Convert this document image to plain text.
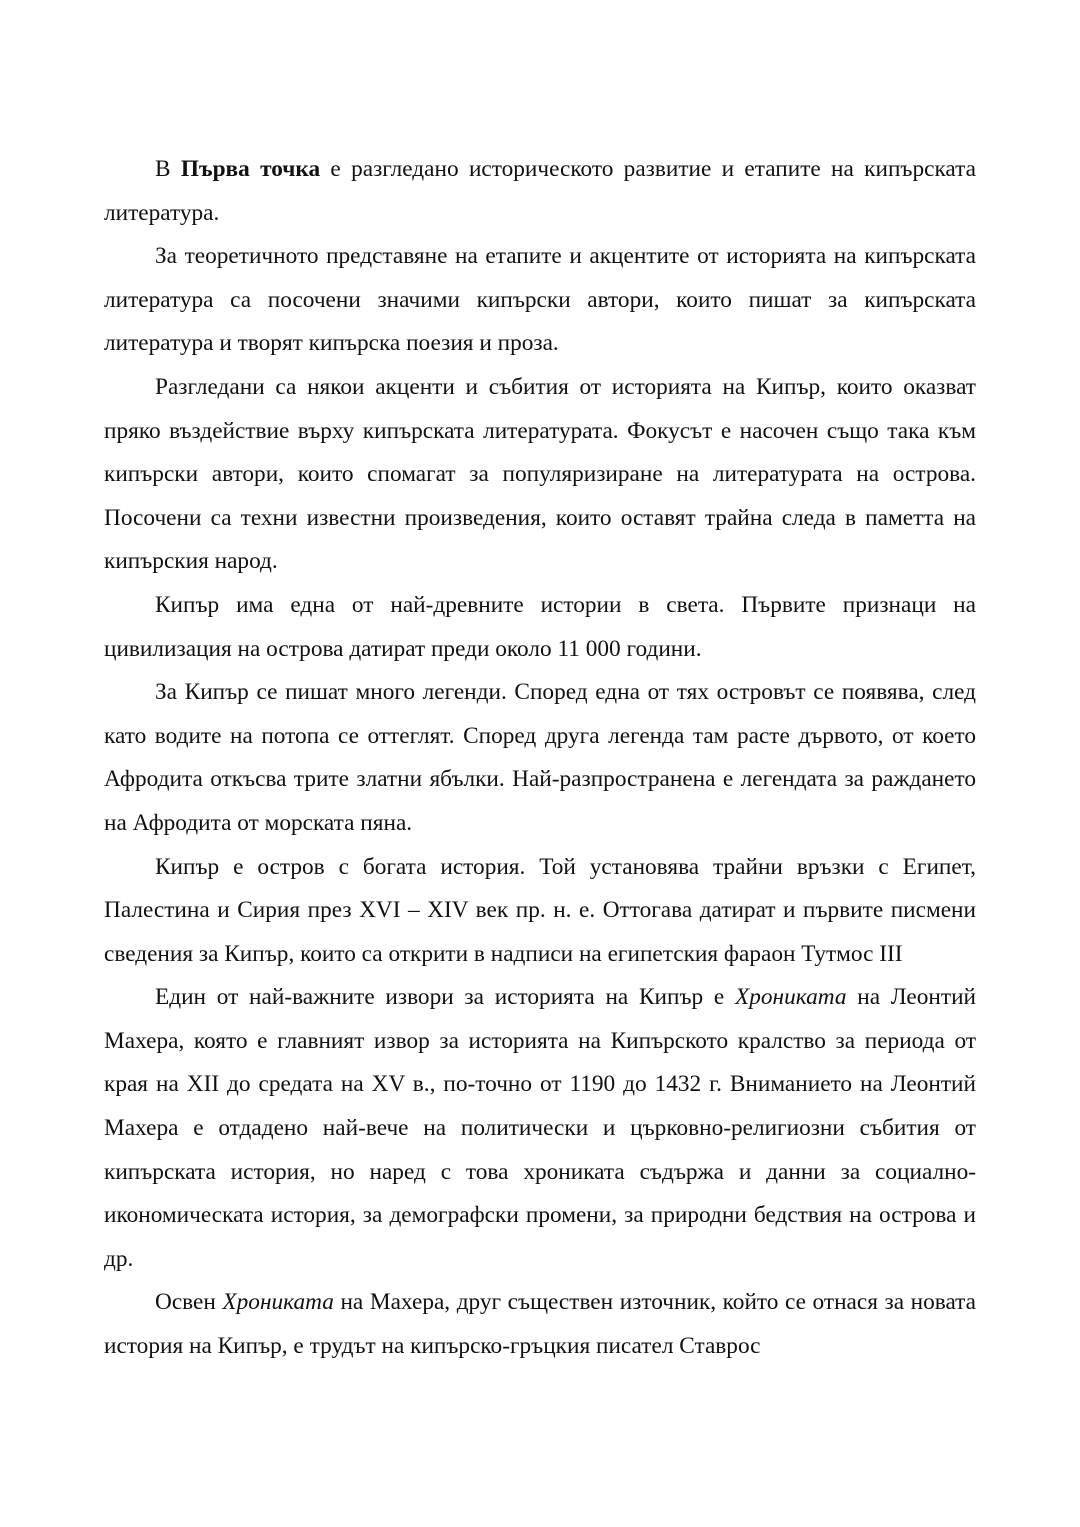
В Първа точка е разгледано историческото развитие и етапите на кипърската литература.

За теоретичното представяне на етапите и акцентите от историята на кипърската литература са посочени значими кипърски автори, които пишат за кипърската литература и творят кипърска поезия и проза.

Разгледани са някои акценти и събития от историята на Кипър, които оказват пряко въздействие върху кипърската литературата. Фокусът е насочен също така към кипърски автори, които спомагат за популяризиране на литературата на острова. Посочени са техни известни произведения, които оставят трайна следа в паметта на кипърския народ.

Кипър има една от най-древните истории в света. Първите признаци на цивилизация на острова датират преди около 11 000 години.

За Кипър се пишат много легенди. Според една от тях островът се появява, след като водите на потопа се оттеглят. Според друга легенда там расте дървото, от което Афродита откъсва трите златни ябълки. Най-разпространена е легендата за раждането на Афродита от морската пяна.

Кипър е остров с богата история. Той установява трайни връзки с Египет, Палестина и Сирия през XVI – XIV век пр. н. е. Оттогава датират и първите писмени сведения за Кипър, които са открити в надписи на египетския фараон Тутмос III

Един от най-важните извори за историята на Кипър е Хрониката на Леонтий Махера, която е главният извор за историята на Кипърското кралство за периода от края на XII до средата на XV в., по-точно от 1190 до 1432 г. Вниманието на Леонтий Махера е отдадено най-вече на политически и църковно-религиозни събития от кипърската история, но наред с това хрониката съдържа и данни за социално-икономическата история, за демографски промени, за природни бедствия на острова и др.

Освен Хрониката на Махера, друг съществен източник, който се отнася за новата история на Кипър, е трудът на кипърско-гръцкия писател Ставрос
